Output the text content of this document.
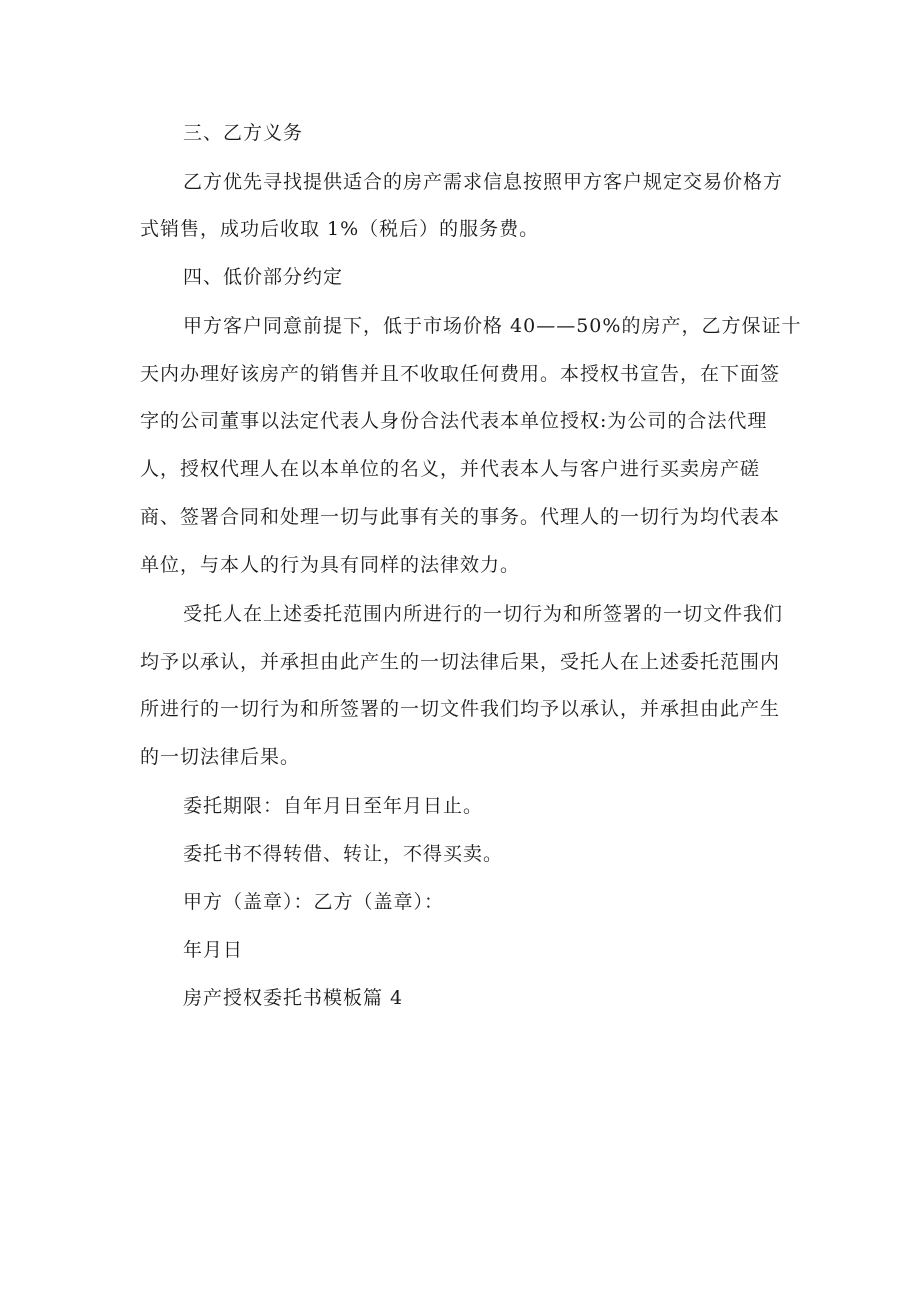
三、乙方义务
乙方优先寻找提供适合的房产需求信息按照甲方客户规定交易价格方
式销售，成功后收取 1%（税后）的服务费。
四、低价部分约定
甲方客户同意前提下，低于市场价格 40——50%的房产，乙方保证十
天内办理好该房产的销售并且不收取任何费用。本授权书宣告，在下面签
字的公司董事以法定代表人身份合法代表本单位授权:为公司的合法代理
人，授权代理人在以本单位的名义，并代表本人与客户进行买卖房产磋
商、签署合同和处理一切与此事有关的事务。代理人的一切行为均代表本
单位，与本人的行为具有同样的法律效力。
受托人在上述委托范围内所进行的一切行为和所签署的一切文件我们
均予以承认，并承担由此产生的一切法律后果，受托人在上述委托范围内
所进行的一切行为和所签署的一切文件我们均予以承认，并承担由此产生
的一切法律后果。
委托期限：自年月日至年月日止。
委托书不得转借、转让，不得买卖。
甲方（盖章）：乙方（盖章）：
年月日
房产授权委托书模板篇 4
